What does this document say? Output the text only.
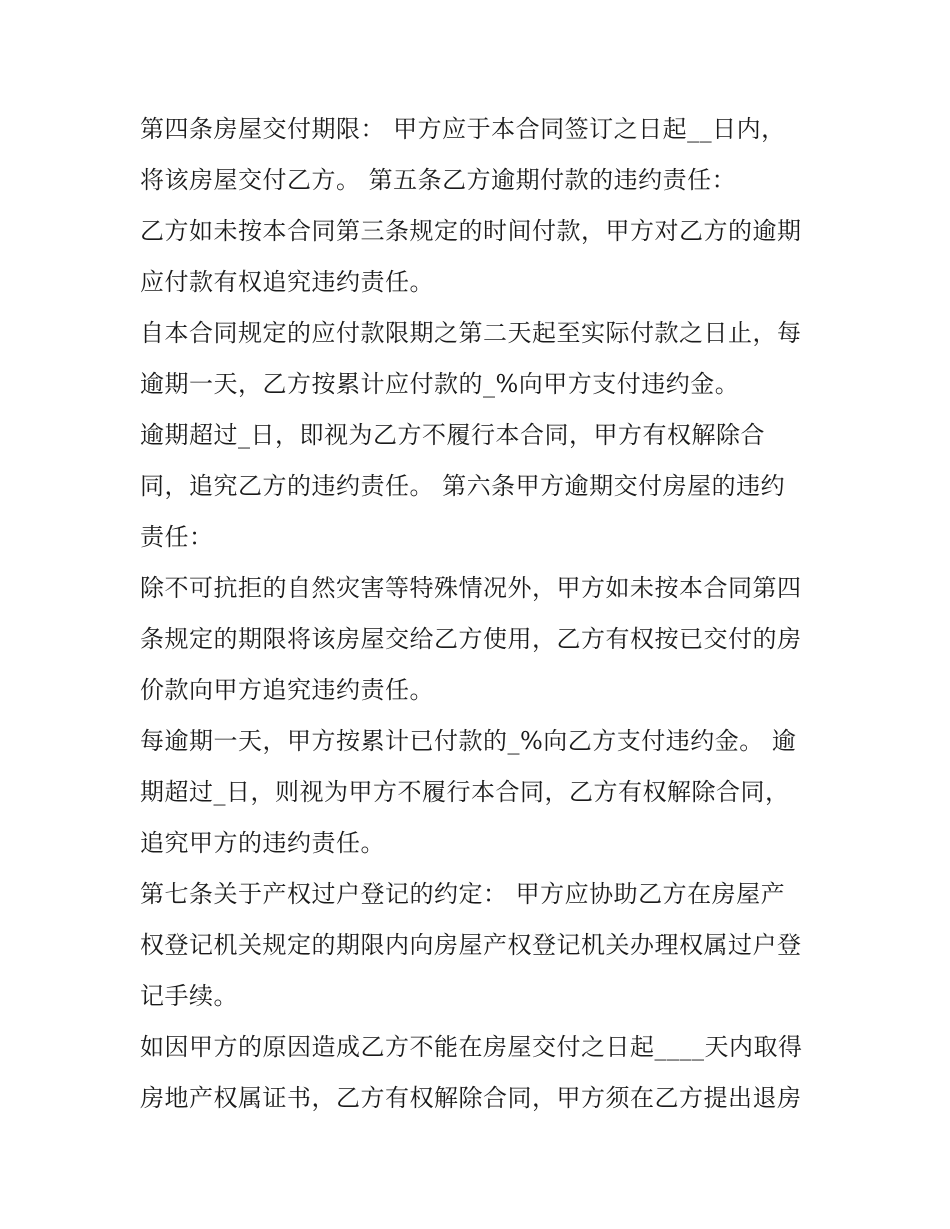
第四条房屋交付期限： 甲方应于本合同签订之日起__日内，
将该房屋交付乙方。 第五条乙方逾期付款的违约责任：
乙方如未按本合同第三条规定的时间付款，甲方对乙方的逾期
应付款有权追究违约责任。
自本合同规定的应付款限期之第二天起至实际付款之日止，每
逾期一天，乙方按累计应付款的_%向甲方支付违约金。
逾期超过_日，即视为乙方不履行本合同，甲方有权解除合
同，追究乙方的违约责任。 第六条甲方逾期交付房屋的违约
责任：
除不可抗拒的自然灾害等特殊情况外，甲方如未按本合同第四
条规定的期限将该房屋交给乙方使用，乙方有权按已交付的房
价款向甲方追究违约责任。
每逾期一天，甲方按累计已付款的_%向乙方支付违约金。 逾
期超过_日，则视为甲方不履行本合同，乙方有权解除合同，
追究甲方的违约责任。
第七条关于产权过户登记的约定： 甲方应协助乙方在房屋产
权登记机关规定的期限内向房屋产权登记机关办理权属过户登
记手续。
如因甲方的原因造成乙方不能在房屋交付之日起____天内取得
房地产权属证书，乙方有权解除合同，甲方须在乙方提出退房
